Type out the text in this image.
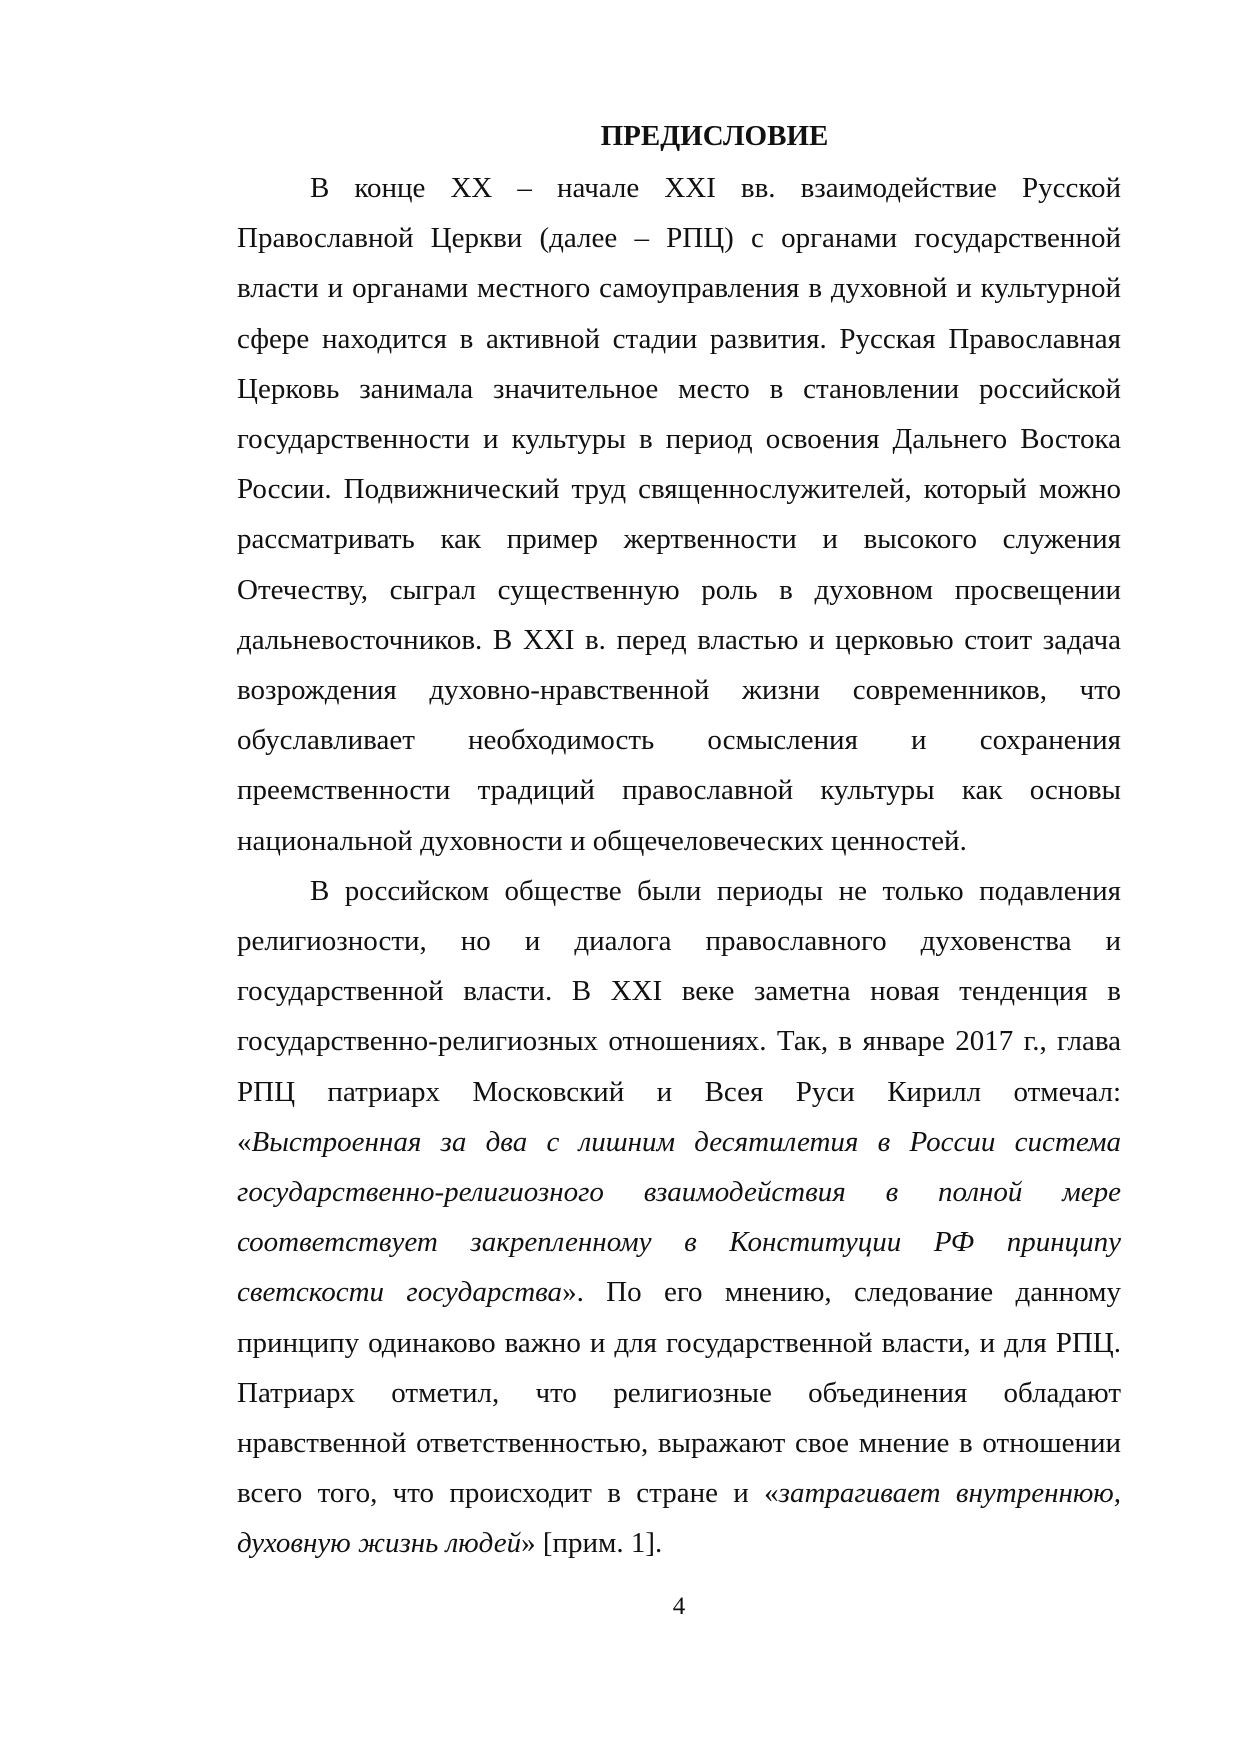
ПРЕДИСЛОВИЕ

В конце XX – начале XXI вв. взаимодействие Русской Православной Церкви (далее – РПЦ) с органами государственной власти и органами местного самоуправления в духовной и культурной сфере находится в активной стадии развития. Русская Православная Церковь занимала значительное место в становлении российской государственности и культуры в период освоения Дальнего Востока России. Подвижнический труд священнослужителей, который можно рассматривать как пример жертвенности и высокого служения Отечеству, сыграл существенную роль в духовном просвещении дальневосточников. В XXI в. перед властью и церковью стоит задача возрождения духовно-нравственной жизни современников, что обуславливает необходимость осмысления и сохранения преемственности традиций православной культуры как основы национальной духовности и общечеловеческих ценностей.

В российском обществе были периоды не только подавления религиозности, но и диалога православного духовенства и государственной власти. В XXI веке заметна новая тенденция в государственно-религиозных отношениях. Так, в январе 2017 г., глава РПЦ патриарх Московский и Всея Руси Кирилл отмечал: «Выстроенная за два с лишним десятилетия в России система государственно-религиозного взаимодействия в полной мере соответствует закрепленному в Конституции РФ принципу светскости государства». По его мнению, следование данному принципу одинаково важно и для государственной власти, и для РПЦ. Патриарх отметил, что религиозные объединения обладают нравственной ответственностью, выражают свое мнение в отношении всего того, что происходит в стране и «затрагивает внутреннюю, духовную жизнь людей» [прим. 1].

4
